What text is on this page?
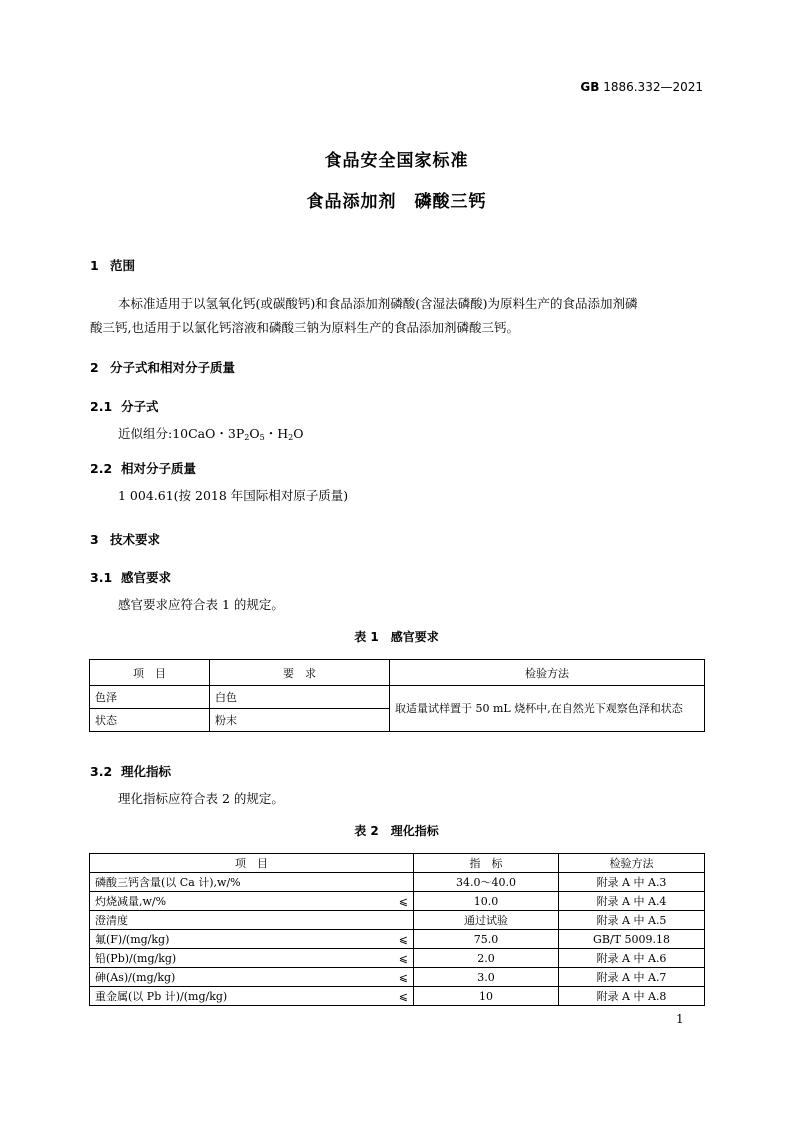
GB 1886.332—2021
食品安全国家标准
食品添加剂　磷酸三钙
1 范围
本标准适用于以氢氧化钙(或碳酸钙)和食品添加剂磷酸(含湿法磷酸)为原料生产的食品添加剂磷
酸三钙,也适用于以氯化钙溶液和磷酸三钠为原料生产的食品添加剂磷酸三钙。
2 分子式和相对分子质量
2.1 分子式
近似组分:10CaO・$3P_2O_5$・$H_2O$
2.2 相对分子质量
1 004.61(按 2018 年国际相对原子质量)
3 技术要求
3.1 感官要求
感官要求应符合表 1 的规定。
表 1　感官要求
项　目	要　求	检验方法
色泽	白色	取适量试样置于 50 mL 烧杯中,在自然光下观察色泽和状态
状态	粉末	
3.2 理化指标
理化指标应符合表 2 的规定。
表 2　理化指标
项　目	指　标	检验方法
磷酸三钙含量(以 Ca 计),w/%	34.0～40.0	附录 A 中 A.3
灼烧减量,w/% ⩽	10.0	附录 A 中 A.4
澄清度	通过试验	附录 A 中 A.5
氟(F)/(mg/kg) ⩽	75.0	GB/T 5009.18
铅(Pb)/(mg/kg) ⩽	2.0	附录 A 中 A.6
砷(As)/(mg/kg) ⩽	3.0	附录 A 中 A.7
重金属(以 Pb 计)/(mg/kg) ⩽	10	附录 A 中 A.8
1
